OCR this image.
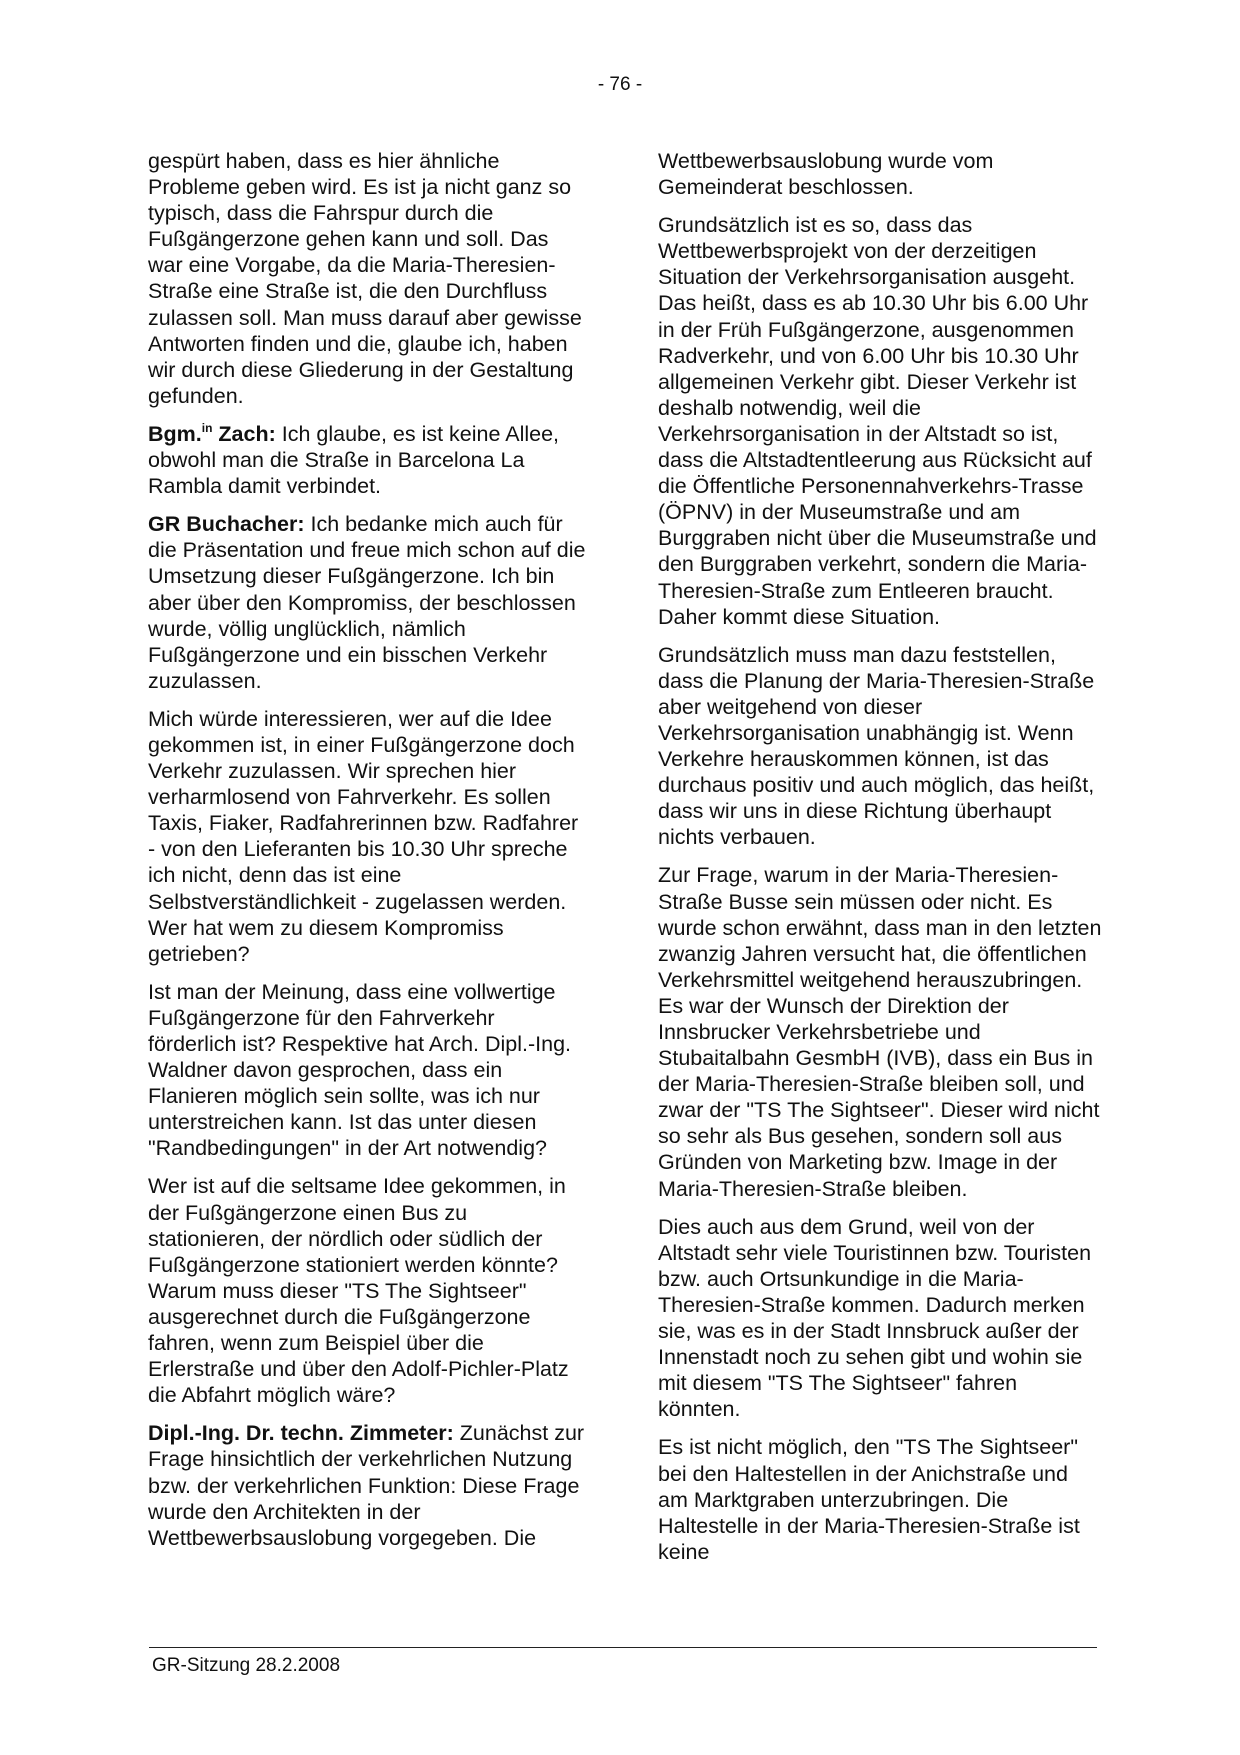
- 76 -

gespürt haben, dass es hier ähnliche Probleme geben wird. Es ist ja nicht ganz so typisch, dass die Fahrspur durch die Fußgängerzone gehen kann und soll. Das war eine Vorgabe, da die Maria-Theresien-Straße eine Straße ist, die den Durchfluss zulassen soll. Man muss darauf aber gewisse Antworten finden und die, glaube ich, haben wir durch diese Gliederung in der Gestaltung gefunden.

Bgm.$^{in}$ Zach: Ich glaube, es ist keine Allee, obwohl man die Straße in Barcelona La Rambla damit verbindet.

GR Buchacher: Ich bedanke mich auch für die Präsentation und freue mich schon auf die Umsetzung dieser Fußgängerzone. Ich bin aber über den Kompromiss, der beschlossen wurde, völlig unglücklich, nämlich Fußgängerzone und ein bisschen Verkehr zuzulassen.

Mich würde interessieren, wer auf die Idee gekommen ist, in einer Fußgängerzone doch Verkehr zuzulassen. Wir sprechen hier verharmlosend von Fahrverkehr. Es sollen Taxis, Fiaker, Radfahrerinnen bzw. Radfahrer - von den Lieferanten bis 10.30 Uhr spreche ich nicht, denn das ist eine Selbstverständlichkeit - zugelassen werden. Wer hat wem zu diesem Kompromiss getrieben?

Ist man der Meinung, dass eine vollwertige Fußgängerzone für den Fahrverkehr förderlich ist? Respektive hat Arch. Dipl.-Ing. Waldner davon gesprochen, dass ein Flanieren möglich sein sollte, was ich nur unterstreichen kann. Ist das unter diesen "Randbedingungen" in der Art notwendig?

Wer ist auf die seltsame Idee gekommen, in der Fußgängerzone einen Bus zu stationieren, der nördlich oder südlich der Fußgängerzone stationiert werden könnte? Warum muss dieser "TS The Sightseer" ausgerechnet durch die Fußgängerzone fahren, wenn zum Beispiel über die Erlerstraße und über den Adolf-Pichler-Platz die Abfahrt möglich wäre?

Dipl.-Ing. Dr. techn. Zimmeter: Zunächst zur Frage hinsichtlich der verkehrlichen Nutzung bzw. der verkehrlichen Funktion: Diese Frage wurde den Architekten in der Wettbewerbsauslobung vorgegeben. Die

Wettbewerbsauslobung wurde vom Gemeinderat beschlossen.

Grundsätzlich ist es so, dass das Wettbewerbsprojekt von der derzeitigen Situation der Verkehrsorganisation ausgeht. Das heißt, dass es ab 10.30 Uhr bis 6.00 Uhr in der Früh Fußgängerzone, ausgenommen Radverkehr, und von 6.00 Uhr bis 10.30 Uhr allgemeinen Verkehr gibt. Dieser Verkehr ist deshalb notwendig, weil die Verkehrsorganisation in der Altstadt so ist, dass die Altstadtentleerung aus Rücksicht auf die Öffentliche Personennahverkehrs-Trasse (ÖPNV) in der Museumstraße und am Burggraben nicht über die Museumstraße und den Burggraben verkehrt, sondern die Maria-Theresien-Straße zum Entleeren braucht. Daher kommt diese Situation.

Grundsätzlich muss man dazu feststellen, dass die Planung der Maria-Theresien-Straße aber weitgehend von dieser Verkehrsorganisation unabhängig ist. Wenn Verkehre herauskommen können, ist das durchaus positiv und auch möglich, das heißt, dass wir uns in diese Richtung überhaupt nichts verbauen.

Zur Frage, warum in der Maria-Theresien-Straße Busse sein müssen oder nicht. Es wurde schon erwähnt, dass man in den letzten zwanzig Jahren versucht hat, die öffentlichen Verkehrsmittel weitgehend herauszubringen. Es war der Wunsch der Direktion der Innsbrucker Verkehrsbetriebe und Stubaitalbahn GesmbH (IVB), dass ein Bus in der Maria-Theresien-Straße bleiben soll, und zwar der "TS The Sightseer". Dieser wird nicht so sehr als Bus gesehen, sondern soll aus Gründen von Marketing bzw. Image in der Maria-Theresien-Straße bleiben.

Dies auch aus dem Grund, weil von der Altstadt sehr viele Touristinnen bzw. Touristen bzw. auch Ortsunkundige in die Maria-Theresien-Straße kommen. Dadurch merken sie, was es in der Stadt Innsbruck außer der Innenstadt noch zu sehen gibt und wohin sie mit diesem "TS The Sightseer" fahren könnten.

Es ist nicht möglich, den "TS The Sightseer" bei den Haltestellen in der Anichstraße und am Marktgraben unterzubringen. Die Haltestelle in der Maria-Theresien-Straße ist keine

GR-Sitzung 28.2.2008
